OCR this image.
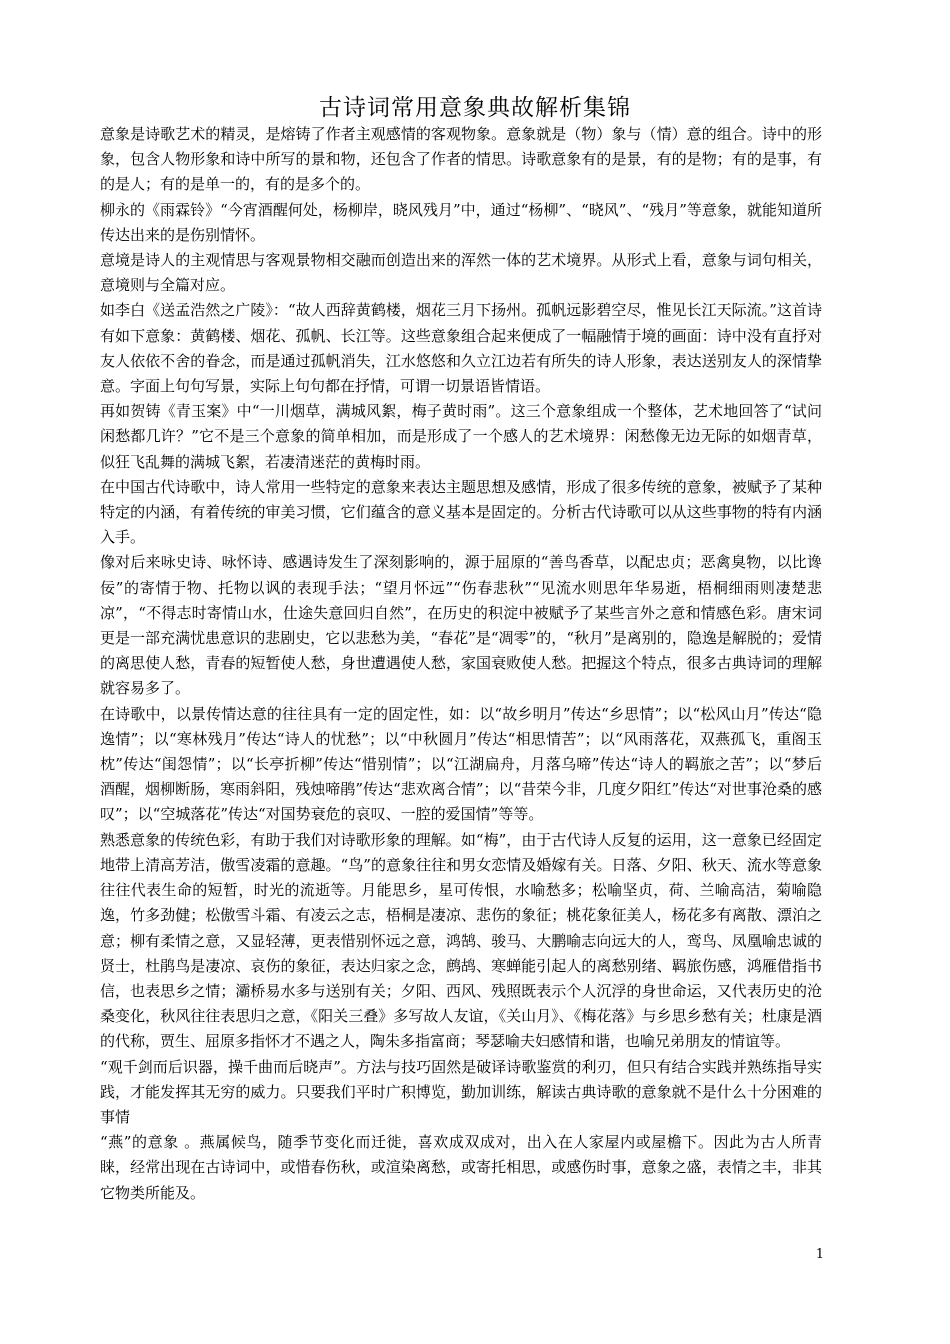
古诗词常用意象典故解析集锦

意象是诗歌艺术的精灵，是熔铸了作者主观感情的客观物象。意象就是（物）象与（情）意的组合。诗中的形象，包含人物形象和诗中所写的景和物，还包含了作者的情思。诗歌意象有的是景，有的是物；有的是事，有的是人；有的是单一的，有的是多个的。

柳永的《雨霖铃》“今宵酒醒何处，杨柳岸，晓风残月”中，通过“杨柳”、“晓风”、“残月”等意象，就能知道所传达出来的是伤别情怀。

意境是诗人的主观情思与客观景物相交融而创造出来的浑然一体的艺术境界。从形式上看，意象与词句相关，意境则与全篇对应。

如李白《送孟浩然之广陵》：“故人西辞黄鹤楼，烟花三月下扬州。孤帆远影碧空尽，惟见长江天际流。”这首诗有如下意象：黄鹤楼、烟花、孤帆、长江等。这些意象组合起来便成了一幅融情于境的画面：诗中没有直抒对友人依依不舍的眷念，而是通过孤帆消失，江水悠悠和久立江边若有所失的诗人形象，表达送别友人的深情挚意。字面上句句写景，实际上句句都在抒情，可谓一切景语皆情语。

再如贺铸《青玉案》中“一川烟草，满城风絮，梅子黄时雨”。这三个意象组成一个整体，艺术地回答了“试问闲愁都几许？”它不是三个意象的简单相加，而是形成了一个感人的艺术境界：闲愁像无边无际的如烟青草，似狂飞乱舞的满城飞絮，若凄清迷茫的黄梅时雨。

在中国古代诗歌中，诗人常用一些特定的意象来表达主题思想及感情，形成了很多传统的意象，被赋予了某种特定的内涵，有着传统的审美习惯，它们蕴含的意义基本是固定的。分析古代诗歌可以从这些事物的特有内涵入手。

像对后来咏史诗、咏怀诗、感遇诗发生了深刻影响的，源于屈原的“善鸟香草，以配忠贞；恶禽臭物，以比谗佞”的寄情于物、托物以讽的表现手法；“望月怀远”“伤春悲秋”“见流水则思年华易逝，梧桐细雨则凄楚悲凉”，“不得志时寄情山水，仕途失意回归自然”，在历史的积淀中被赋予了某些言外之意和情感色彩。唐宋词更是一部充满忧患意识的悲剧史，它以悲愁为美，“春花”是“凋零”的，“秋月”是离别的，隐逸是解脱的；爱情的离思使人愁，青春的短暂使人愁，身世遭遇使人愁，家国衰败使人愁。把握这个特点，很多古典诗词的理解就容易多了。

在诗歌中，以景传情达意的往往具有一定的固定性，如：以“故乡明月”传达“乡思情”；以“松风山月”传达“隐逸情”；以“寒林残月”传达“诗人的忧愁”；以“中秋圆月”传达“相思情苦”；以“风雨落花，双燕孤飞，重阁玉枕”传达“闺怨情”；以“长亭折柳”传达“惜别情”；以“江湖扁舟，月落乌啼”传达“诗人的羁旅之苦”；以“梦后酒醒，烟柳断肠，寒雨斜阳，残烛啼鹃”传达“悲欢离合情”；以“昔荣今非，几度夕阳红”传达“对世事沧桑的感叹”；以“空城落花”传达“对国势衰危的哀叹、一腔的爱国情”等等。

熟悉意象的传统色彩，有助于我们对诗歌形象的理解。如“梅”，由于古代诗人反复的运用，这一意象已经固定地带上清高芳洁，傲雪凌霜的意趣。“鸟”的意象往往和男女恋情及婚嫁有关。日落、夕阳、秋天、流水等意象往往代表生命的短暂，时光的流逝等。月能思乡，星可传恨，水喻愁多；松喻坚贞，荷、兰喻高洁，菊喻隐逸，竹多劲健；松傲雪斗霜、有凌云之志，梧桐是凄凉、悲伤的象征；桃花象征美人，杨花多有离散、漂泊之意；柳有柔情之意，又显轻薄，更表惜别怀远之意，鸿鹄、骏马、大鹏喻志向远大的人，鸾鸟、凤凰喻忠诚的贤士，杜鹃鸟是凄凉、哀伤的象征，表达归家之念，鹧鸪、寒蝉能引起人的离愁别绪、羁旅伤感，鸿雁借指书信，也表思乡之情；灞桥易水多与送别有关；夕阳、西风、残照既表示个人沉浮的身世命运，又代表历史的沧桑变化，秋风往往表思归之意，《阳关三叠》多写故人友谊，《关山月》、《梅花落》与乡思乡愁有关；杜康是酒的代称，贾生、屈原多指怀才不遇之人，陶朱多指富商；琴瑟喻夫妇感情和谐，也喻兄弟朋友的情谊等。

“观千剑而后识器，操千曲而后晓声”。方法与技巧固然是破译诗歌鉴赏的利刃，但只有结合实践并熟练指导实践，才能发挥其无穷的威力。只要我们平时广积博览，勤加训练，解读古典诗歌的意象就不是什么十分困难的事情

“燕”的意象 。燕属候鸟，随季节变化而迁徙，喜欢成双成对，出入在人家屋内或屋檐下。因此为古人所青睐，经常出现在古诗词中，或惜春伤秋，或渲染离愁，或寄托相思，或感伤时事，意象之盛，表情之丰，非其它物类所能及。

1
